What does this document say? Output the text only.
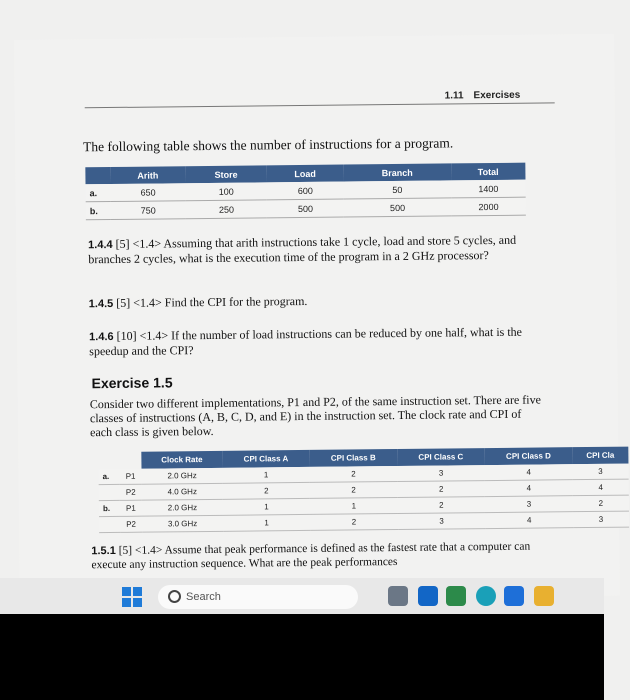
1.11 Exercises
The following table shows the number of instructions for a program.
	Arith	Store	Load	Branch	Total
a.	650	100	600	50	1400
b.	750	250	500	500	2000
1.4.4 [5] <1.4> Assuming that arith instructions take 1 cycle, load and store 5 cycles, and branches 2 cycles, what is the execution time of the program in a 2 GHz processor?
1.4.5 [5] <1.4> Find the CPI for the program.
1.4.6 [10] <1.4> If the number of load instructions can be reduced by one half, what is the speedup and the CPI?
Exercise 1.5
Consider two different implementations, P1 and P2, of the same instruction set. There are five classes of instructions (A, B, C, D, and E) in the instruction set. The clock rate and CPI of each class is given below.
		Clock Rate	CPI Class A	CPI Class B	CPI Class C	CPI Class D	CPI Cla
a.	P1	2.0 GHz	1	2	3	4	3
	P2	4.0 GHz	2	2	2	4	4
b.	P1	2.0 GHz	1	1	2	3	2
	P2	3.0 GHz	1	2	3	4	3
1.5.1 [5] <1.4> Assume that peak performance is defined as the fastest rate that a computer can execute any instruction sequence. What are the peak performances
Search
